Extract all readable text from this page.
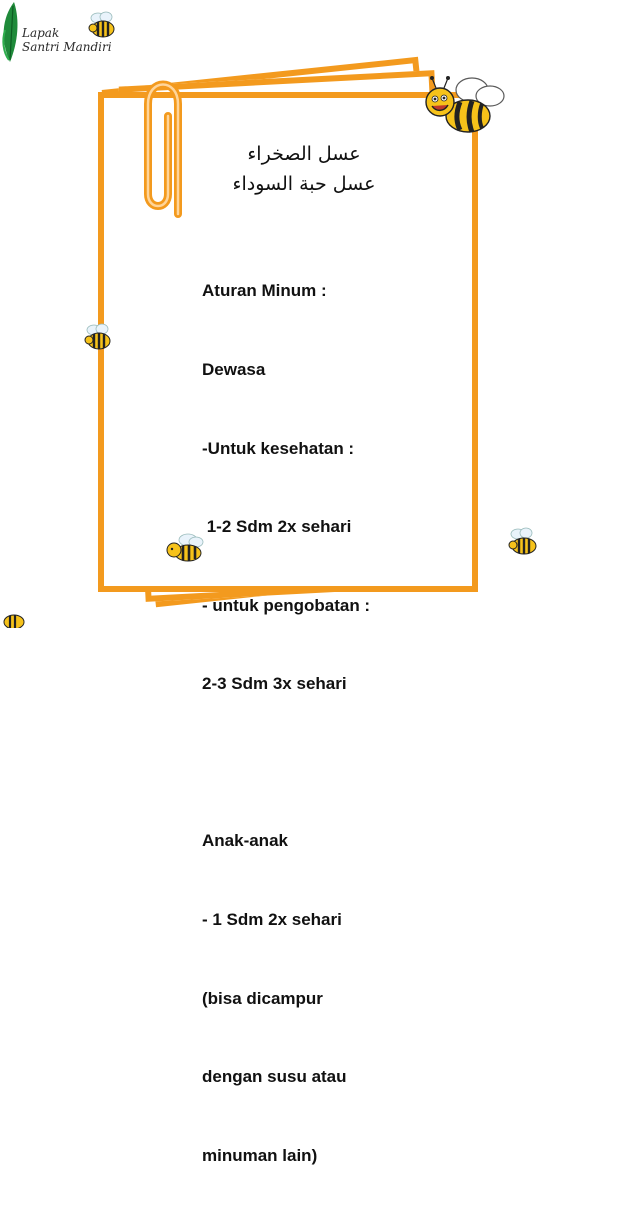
Lapak
Santri Mandiri
عسل الصخراء
عسل حبة السوداء

Aturan Minum :

Dewasa

-Untuk kesehatan :

1-2 Sdm 2x sehari

- untuk pengobatan :

2-3 Sdm 3x sehari

Anak-anak

- 1 Sdm 2x sehari

(bisa dicampur

dengan susu atau

minuman lain)
